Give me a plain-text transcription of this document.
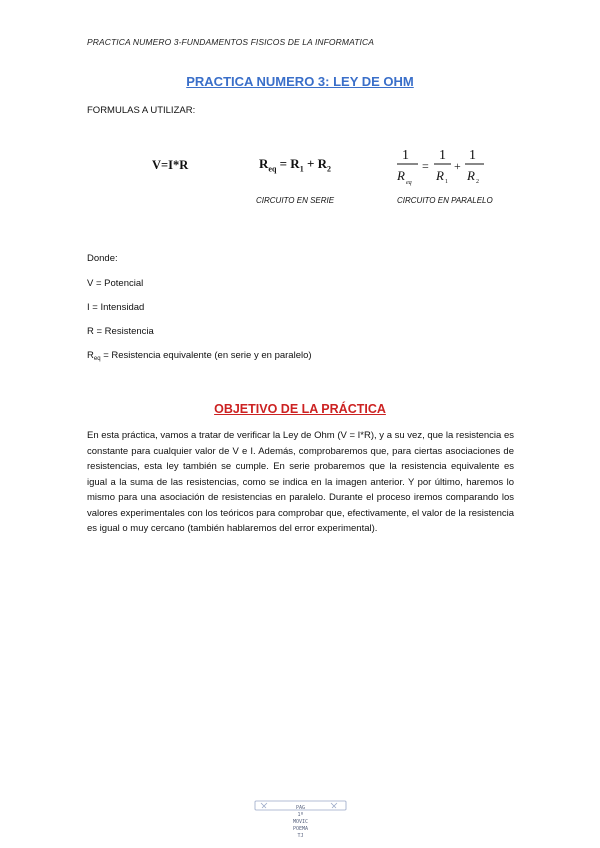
PRACTICA NUMERO 3-FUNDAMENTOS FISICOS DE LA INFORMATICA
PRACTICA NUMERO 3: LEY DE OHM
FORMULAS A UTILIZAR:
V=I*R	$R_{eq} = R_1 + R_2$
1
R eq
=
1
R 1
+
1
R 2
CIRCUITO EN SERIE	CIRCUITO EN PARALELO
Donde:
V = Potencial
I = Intensidad
R = Resistencia
$R_{eq}$ = Resistencia equivalente (en serie y en paralelo)
OBJETIVO DE LA PRÁCTICA
En esta práctica, vamos a tratar de verificar la Ley de Ohm (V = I*R), y a su vez, que la resistencia es constante para cualquier valor de V e I. Además, comprobaremos que, para ciertas asociaciones de resistencias, esta ley también se cumple. En serie probaremos que la resistencia equivalente es igual a la suma de las resistencias, como se indica en la imagen anterior. Y por último, haremos lo mismo para una asociación de resistencias en paralelo. Durante el proceso iremos comparando los valores experimentales con los teóricos para comprobar que, efectivamente, el valor de la resistencia es igual o muy cercano (también hablaremos del error experimental).
PAG
1º
MOVIC
POEMA
TJ
